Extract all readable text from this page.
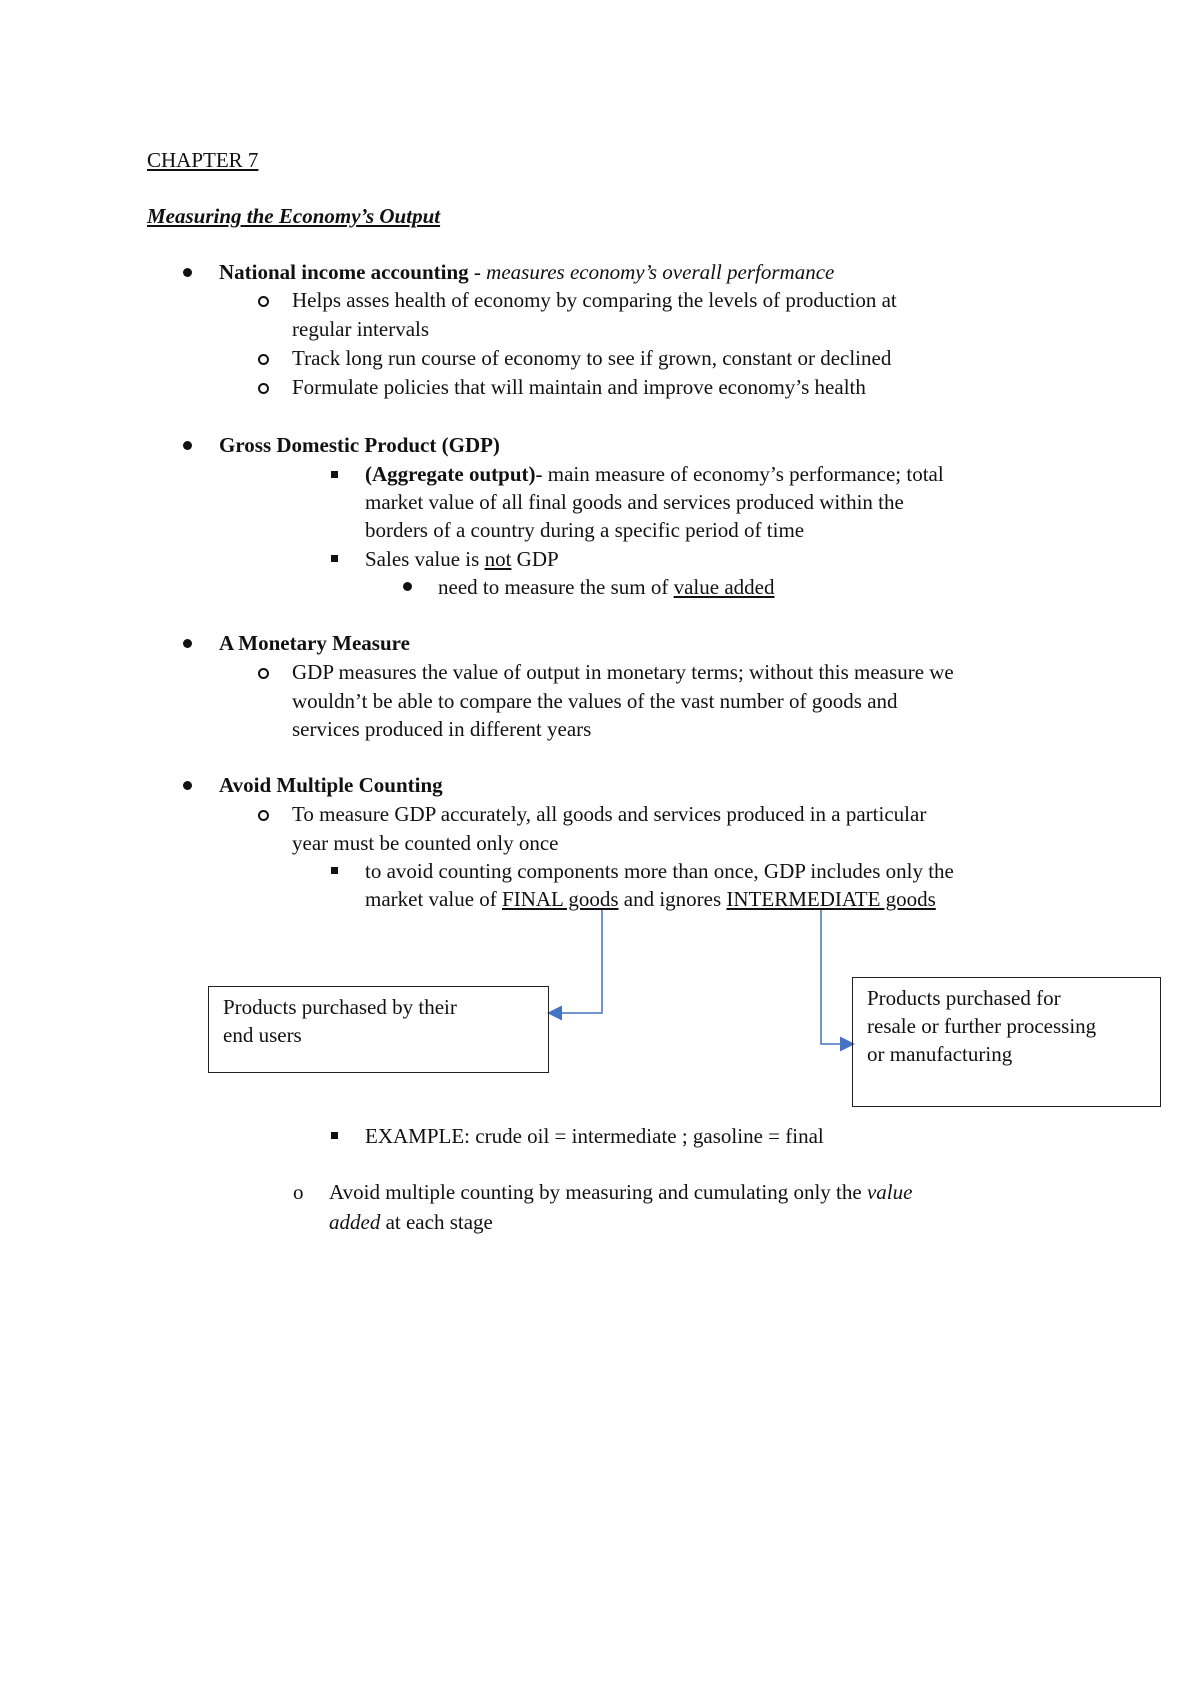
CHAPTER 7
Measuring the Economy’s Output
National income accounting - measures economy’s overall performance
Helps asses health of economy by comparing the levels of production at
regular intervals
Track long run course of economy to see if grown, constant or declined
Formulate policies that will maintain and improve economy’s health
Gross Domestic Product (GDP)
(Aggregate output)- main measure of economy’s performance; total
market value of all final goods and services produced within the
borders of a country during a specific period of time
Sales value is not GDP
need to measure the sum of value added
A Monetary Measure
GDP measures the value of output in monetary terms; without this measure we
wouldn’t be able to compare the values of the vast number of goods and
services produced in different years
Avoid Multiple Counting
To measure GDP accurately, all goods and services produced in a particular
year must be counted only once
to avoid counting components more than once, GDP includes only the
market value of FINAL goods and ignores INTERMEDIATE goods
Products purchased by their
end users
Products purchased for
resale or further processing
or manufacturing
EXAMPLE: crude oil = intermediate ; gasoline = final
o Avoid multiple counting by measuring and cumulating only the value
added at each stage
